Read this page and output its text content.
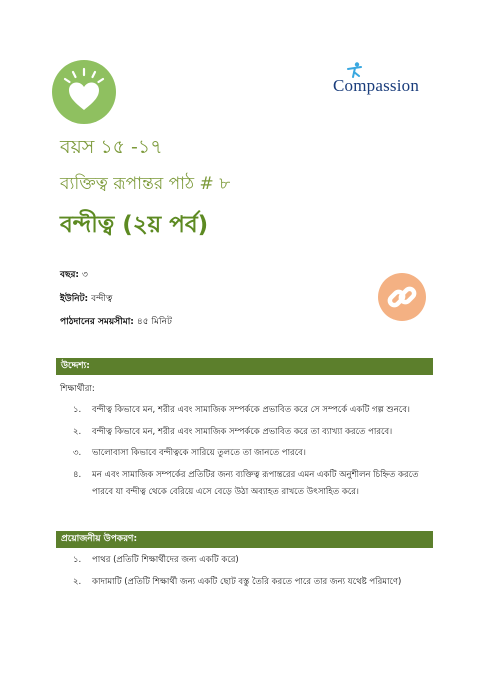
Compassion
বয়স ১৫ -১৭
ব্যক্তিত্ব রূপান্তর পাঠ # ৮
বন্দীত্ব (২য় পর্ব)
বছর: ৩
ইউনিট: বন্দীত্ব
পাঠদানের সময়সীমা: ৪৫ মিনিট
উদ্দেশ্য:
শিক্ষার্থীরা:
১.	বন্দীত্ব কিভাবে মন, শরীর এবং সামাজিক সম্পর্ককে প্রভাবিত করে সে সম্পর্কে একটি গল্প শুনবে।
২.	বন্দীত্ব কিভাবে মন, শরীর এবং সামাজিক সম্পর্ককে প্রভাবিত করে তা ব্যাখ্যা করতে পারবে।
৩.	ভালোবাসা কিভাবে বন্দীত্বকে সারিয়ে তুলতে তা জানতে পারবে।
৪.	মন এবং সামাজিক সম্পর্কের প্রতিটির জন্য ব্যক্তিত্ব রূপান্তরের এমন একটি অনুশীলন চিহ্নিত করতে পারবে যা বন্দীত্ব থেকে বেরিয়ে এসে বেড়ে উঠা অব্যাহত রাখতে উৎসাহিত করে।
প্রয়োজনীয় উপকরণ:
১.	পাথর (প্রতিটি শিক্ষার্থীদের জন্য একটি করে)
২.	কাদামাটি (প্রতিটি শিক্ষার্থী জন্য একটি ছোট বস্তু তৈরি করতে পারে তার জন্য যথেষ্ট পরিমাণে)
